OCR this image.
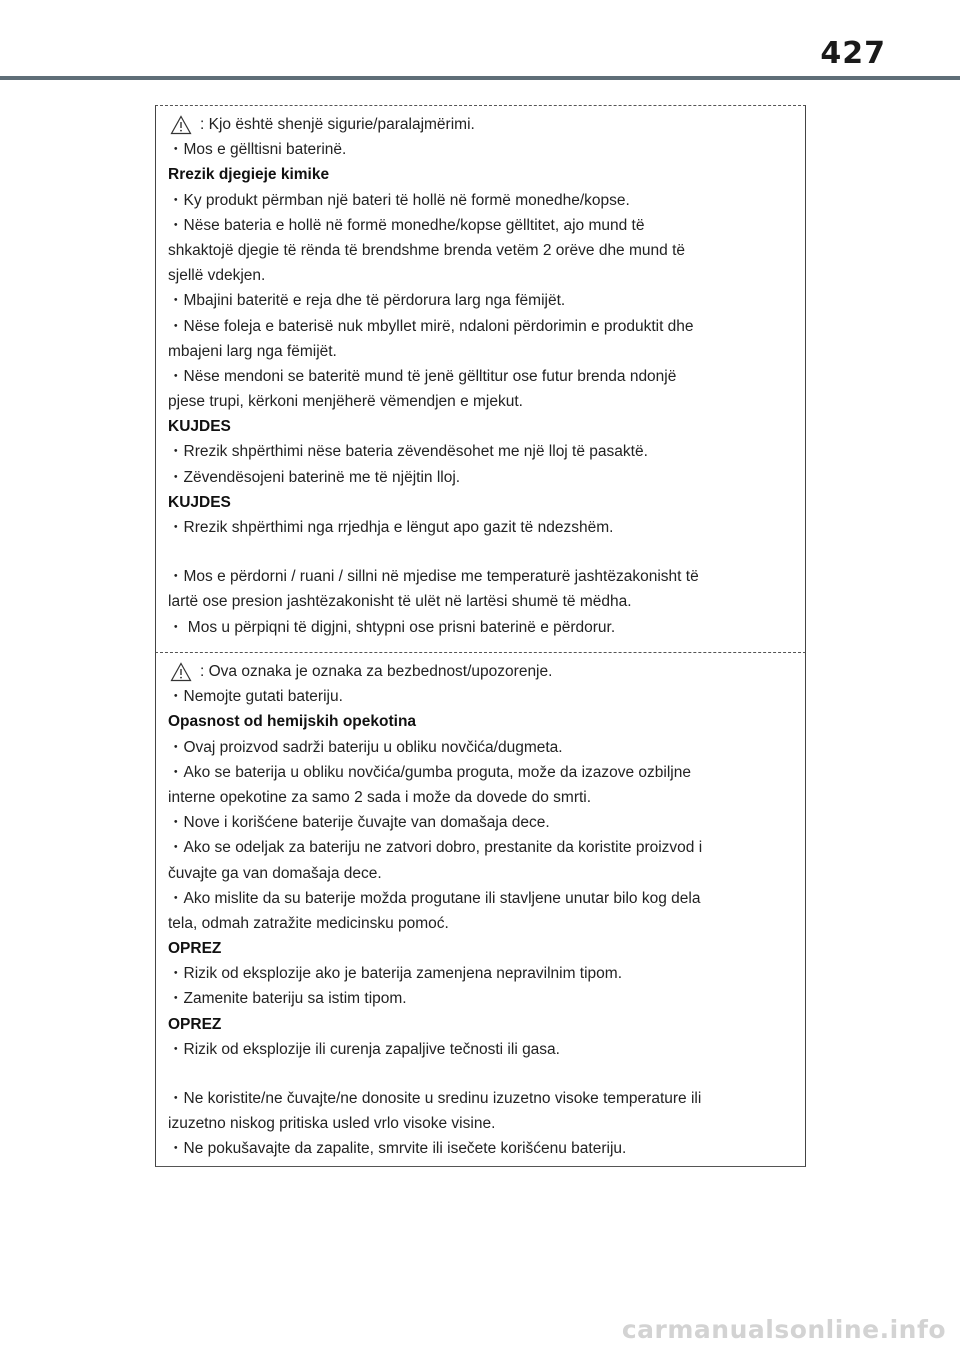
427
: Kjo është shenjë sigurie/paralajmërimi.
・Mos e gëlltisni baterinë.
Rrezik djegieje kimike
・Ky produkt përmban një bateri të hollë në formë monedhe/kopse.
・Nëse bateria e hollë në formë monedhe/kopse gëlltitet, ajo mund të
shkaktojë djegie të rënda të brendshme brenda vetëm 2 orëve dhe mund të
sjellë vdekjen.
・Mbajini bateritë e reja dhe të përdorura larg nga fëmijët.
・Nëse foleja e baterisë nuk mbyllet mirë, ndaloni përdorimin e produktit dhe
mbajeni larg nga fëmijët.
・Nëse mendoni se bateritë mund të jenë gëlltitur ose futur brenda ndonjë
pjese trupi, kërkoni menjëherë vëmendjen e mjekut.
KUJDES
・Rrezik shpërthimi nëse bateria zëvendësohet me një lloj të pasaktë.
・Zëvendësojeni baterinë me të njëjtin lloj.
KUJDES
・Rrezik shpërthimi nga rrjedhja e lëngut apo gazit të ndezshëm.
・Mos e përdorni / ruani / sillni në mjedise me temperaturë jashtëzakonisht të
lartë ose presion jashtëzakonisht të ulët në lartësi shumë të mëdha.
・ Mos u përpiqni të digjni, shtypni ose prisni baterinë e përdorur.
: Ova oznaka je oznaka za bezbednost/upozorenje.
・Nemojte gutati bateriju.
Opasnost od hemijskih opekotina
・Ovaj proizvod sadrži bateriju u obliku novčića/dugmeta.
・Ako se baterija u obliku novčića/gumba proguta, može da izazove ozbiljne
interne opekotine za samo 2 sada i može da dovede do smrti.
・Nove i korišćene baterije čuvajte van domašaja dece.
・Ako se odeljak za bateriju ne zatvori dobro, prestanite da koristite proizvod i
čuvajte ga van domašaja dece.
・Ako mislite da su baterije možda progutane ili stavljene unutar bilo kog dela
tela, odmah zatražite medicinsku pomoć.
OPREZ
・Rizik od eksplozije ako je baterija zamenjena nepravilnim tipom.
・Zamenite bateriju sa istim tipom.
OPREZ
・Rizik od eksplozije ili curenja zapaljive tečnosti ili gasa.
・Ne koristite/ne čuvajte/ne donosite u sredinu izuzetno visoke temperature ili
izuzetno niskog pritiska usled vrlo visoke visine.
・Ne pokušavajte da zapalite, smrvite ili isečete korišćenu bateriju.
carmanualsonline.info
